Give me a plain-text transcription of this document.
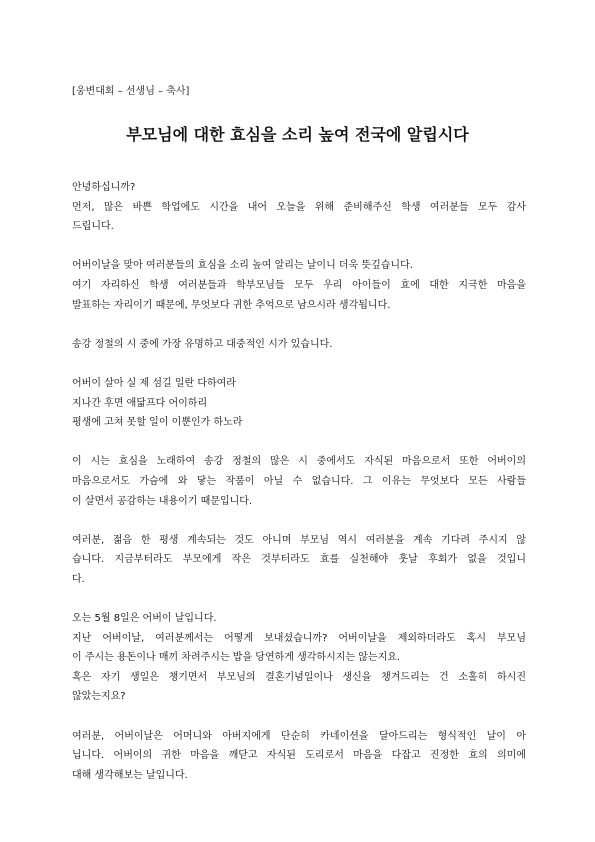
[웅변대회 – 선생님 – 축사]
부모님에 대한 효심을 소리 높여 전국에 알립시다
안녕하십니까?
먼저, 많은 바쁜 학업에도 시간을 내어 오늘을 위해 준비해주신 학생 여러분들 모두 감사
드립니다.
어버이날을 맞아 여러분들의 효심을 소리 높여 알리는 날이니 더욱 뜻깊습니다.
여기 자리하신 학생 여러분들과 학부모님들 모두 우리 아이들이 효에 대한 지극한 마음을
발표하는 자리이기 때문에, 무엇보다 귀한 추억으로 남으시라 생각됩니다.
송강 정철의 시 중에 가장 유명하고 대중적인 시가 있습니다.
어버이 살아 실 제 섬길 일란 다하여라
지나간 후면 애닯프다 어이하리
평생에 고쳐 못할 일이 이뿐인가 하노라
이 시는 효심을 노래하여 송강 정철의 많은 시 중에서도 자식된 마음으로서 또한 어버이의
마음으로서도 가슴에 와 닿는 작품이 아닐 수 없습니다. 그 이유는 무엇보다 모든 사람들
이 살면서 공감하는 내용이기 때문입니다.
여러분, 젊음 한 평생 계속되는 것도 아니며 부모님 역시 여러분을 계속 기다려 주시지 않
습니다. 지금부터라도 부모에게 작은 것부터라도 효를 실천해야 훗날 후회가 없을 것입니
다.
오는 5월 8일은 어버이 날입니다.
지난 어버이날, 여러분께서는 어떻게 보내셨습니까? 어버이날을 제외하더라도 혹시 부모님
이 주시는 용돈이나 매끼 차려주시는 밥을 당연하게 생각하시지는 않는지요.
혹은 자기 생일은 챙기면서 부모님의 결혼기념일이나 생신을 챙겨드리는 건 소홀히 하시진
않았는지요?
여러분, 어버이날은 어머니와 아버지에게 단순히 카네이션을 달아드리는 형식적인 날이 아
닙니다. 어버이의 귀한 마음을 깨닫고 자식된 도리로서 마음을 다잡고 진정한 효의 의미에
대해 생각해보는 날입니다.
